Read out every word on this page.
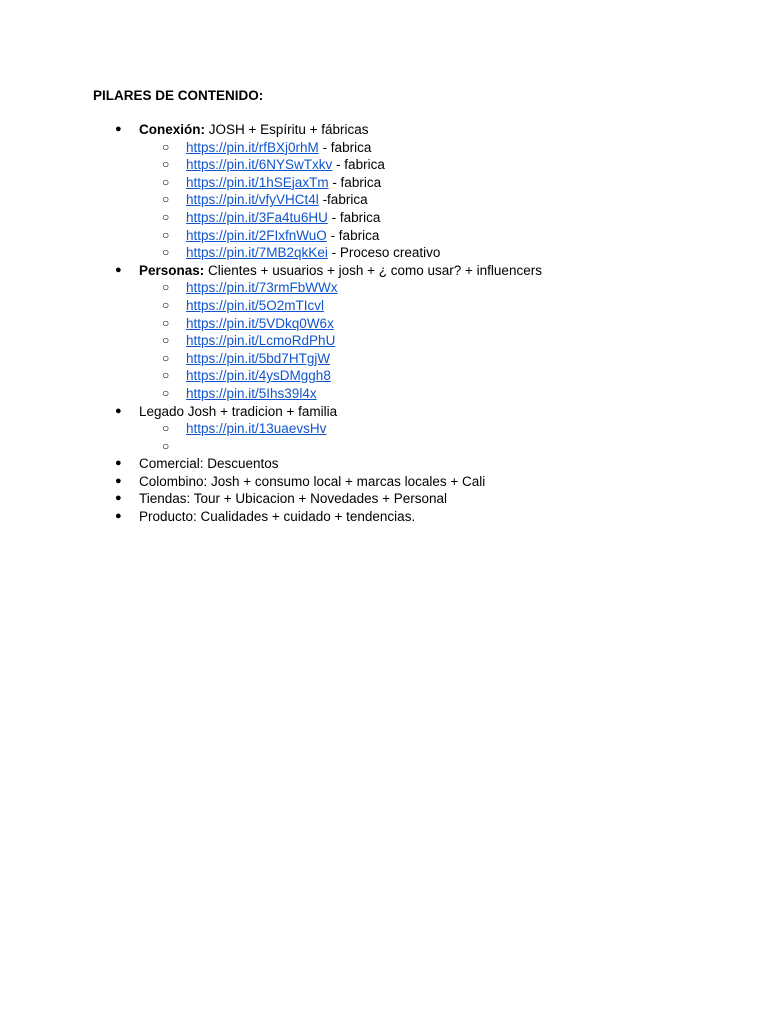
PILARES DE CONTENIDO:
● Conexión: JOSH + Espíritu + fábricas
○ https://pin.it/rfBXj0rhM - fabrica
○ https://pin.it/6NYSwTxkv - fabrica
○ https://pin.it/1hSEjaxTm - fabrica
○ https://pin.it/vfyVHCt4l -fabrica
○ https://pin.it/3Fa4tu6HU - fabrica
○ https://pin.it/2FIxfnWuO - fabrica
○ https://pin.it/7MB2qkKei - Proceso creativo
● Personas: Clientes + usuarios + josh + ¿ como usar? + influencers
○ https://pin.it/73rmFbWWx
○ https://pin.it/5O2mTIcvl
○ https://pin.it/5VDkq0W6x
○ https://pin.it/LcmoRdPhU
○ https://pin.it/5bd7HTgjW
○ https://pin.it/4ysDMggh8
○ https://pin.it/5Ihs39l4x
● Legado Josh + tradicion + familia
○ https://pin.it/13uaevsHv
○
● Comercial: Descuentos
● Colombino: Josh + consumo local + marcas locales + Cali
● Tiendas: Tour + Ubicacion + Novedades + Personal
● Producto: Cualidades + cuidado + tendencias.
